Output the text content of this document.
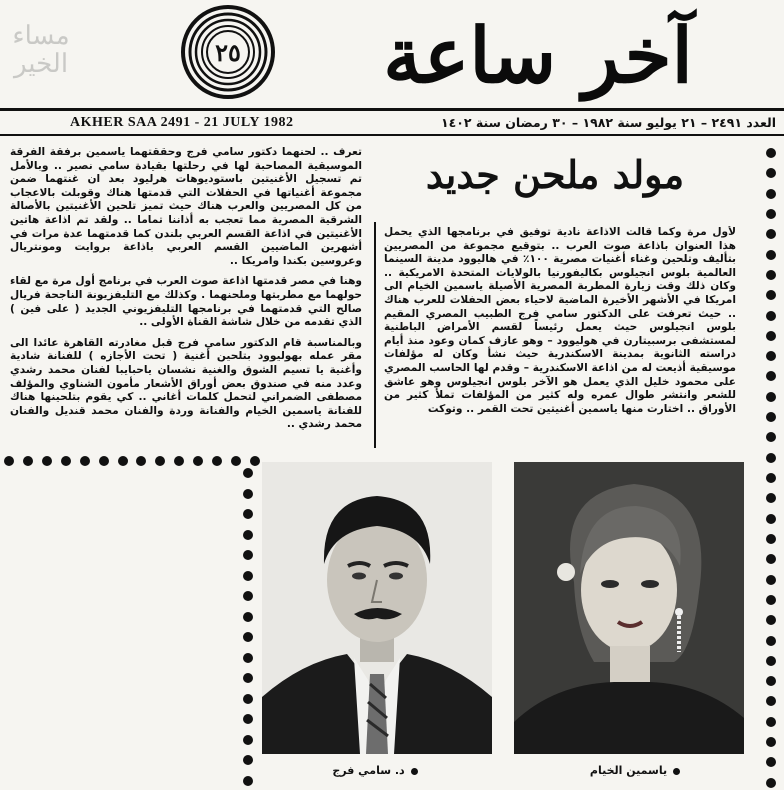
مساء الخير	٢٥	آخر ساعة
AKHER SAA 2491 - 21 JULY 1982	العدد ٢٤٩١ – ٢١ يوليو سنة ١٩٨٢ – ٣٠ رمضان سنة ١٤٠٢

تعرف .. لحنهما دكتور سامي فرج وحققتهما ياسمين برفقة الفرقة الموسيقية المصاحبة لها في رحلتها بقيادة سامي نصير .. وبالأمل تم تسجيل الأغنيتين باستوديوهات هرليود بعد ان غنتهما ضمن مجموعة أغنياتها في الحفلات التي قدمتها هناك وقوبلت بالاعجاب من كل المصريين والعرب هناك حيث تميز تلحين الأغنيتين بالأصالة الشرقية المصرية مما تعجب به أذاننا تماما .. ولقد تم اذاعة هاتين الأغنيتين في اذاعة القسم العربي بلندن كما قدمتهما عدة مرات في أشهرين الماضيين القسم العربي باذاعة بروايت ومونتريال وعروسين بكندا وامريكا ..

وهنا في مصر قدمتها اذاعة صوت العرب في برنامج أول مرة مع لقاء حولهما مع مطربتها وملحنهما . وكذلك مع التليفزيونة الناجحة فريال صالح التي قدمتهما في برنامجها التليفزيوني الجديد ( على فين ) الذي تقدمه من خلال شاشة القناة الأولى ..

وبالمناسبة قام الدكتور سامي فرج قبل مغادرته القاهرة عائدا الى مقر عمله بهوليوود بتلحين أغنية ( تحت الأجازه ) للفنانة شادية وأغنية يا تسيم الشوق والغنية نشسان ياحبايبا لفنان محمد رشدي وعدد منه في صندوق بعض أوراق الأشعار مأمون الشناوي والمؤلف مصطفى الضمراني لتحمل كلمات أغاني .. كي يقوم بتلحينها هناك للفنانة ياسمين الخيام والفنانة وردة والفنان محمد قنديل والفنان محمد رشدي ..

مولد ملحن جديد

لأول مرة وكما قالت الاذاعة نادية توفيق في برنامجها الذي يحمل هذا العنوان باذاعة صوت العرب .. بتوقيع مجموعة من المصريين بتأليف وتلحين وغناء أغنيات مصرية ١٠٠٪ في هاليوود مدينة السينما العالمية بلوس انجيلوس بكاليفورنيا بالولايات المتحدة الامريكية .. وكان ذلك وقت زيارة المطربة المصرية الأصيلة ياسمين الخيام الى امريكا في الأشهر الأخيرة الماضية لاحياء بعض الحفلات للعرب هناك .. حيث تعرفت على الدكتور سامي فرج الطبيب المصري المقيم بلوس انجيلوس حيث يعمل رئيساً لقسم الأمراض الباطنية لمستشفى برسبيتارن في هوليوود – وهو عازف كمان وعود منذ أيام دراسته الثانوية بمدينة الاسكندرية حيث نشأ وكان له مؤلفات موسيقية أذيعت له من اذاعة الاسكندرية – وقدم لها الحاسب المصري على محمود خليل الذي يعمل هو الآخر بلوس انجيلوس وهو عاشق للشعر وانتشر طوال عمره وله كثير من المؤلفات تملأ كثير من الأوراق .. اختارت منها ياسمين أغنيتين تحت القمر .. وتوكت

د. سامي فرج	ياسمين الخيام
